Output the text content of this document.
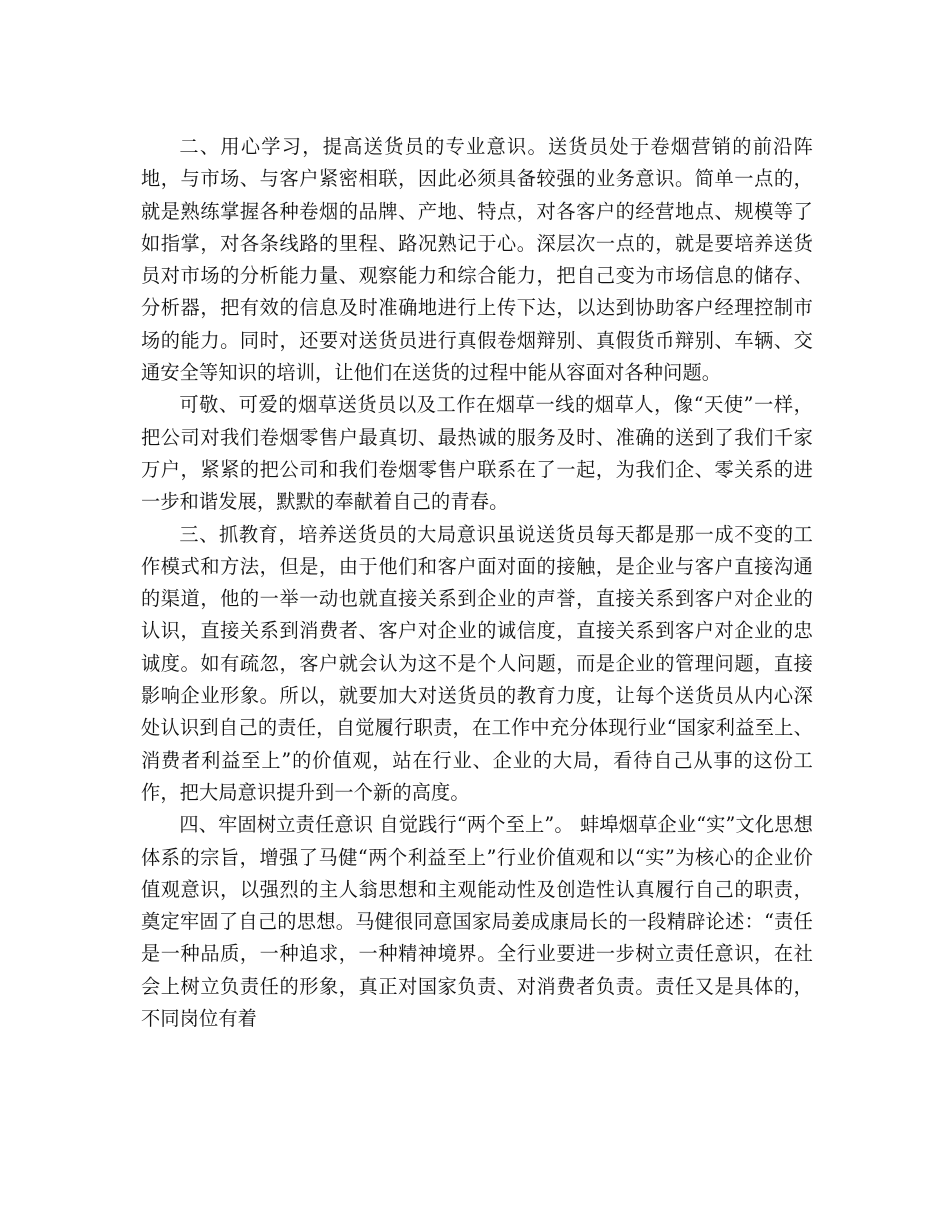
二、用心学习，提高送货员的专业意识。送货员处于卷烟营销的前沿阵地，与市场、与客户紧密相联，因此必须具备较强的业务意识。简单一点的，就是熟练掌握各种卷烟的品牌、产地、特点，对各客户的经营地点、规模等了如指掌，对各条线路的里程、路况熟记于心。深层次一点的，就是要培养送货员对市场的分析能力量、观察能力和综合能力，把自己变为市场信息的储存、分析器，把有效的信息及时准确地进行上传下达，以达到协助客户经理控制市场的能力。同时，还要对送货员进行真假卷烟辩别、真假货币辩别、车辆、交通安全等知识的培训，让他们在送货的过程中能从容面对各种问题。

可敬、可爱的烟草送货员以及工作在烟草一线的烟草人，像“天使”一样，把公司对我们卷烟零售户最真切、最热诚的服务及时、准确的送到了我们千家万户，紧紧的把公司和我们卷烟零售户联系在了一起，为我们企、零关系的进一步和谐发展，默默的奉献着自己的青春。

三、抓教育，培养送货员的大局意识虽说送货员每天都是那一成不变的工作模式和方法，但是，由于他们和客户面对面的接触，是企业与客户直接沟通的渠道，他的一举一动也就直接关系到企业的声誉，直接关系到客户对企业的认识，直接关系到消费者、客户对企业的诚信度，直接关系到客户对企业的忠诚度。如有疏忽，客户就会认为这不是个人问题，而是企业的管理问题，直接影响企业形象。所以，就要加大对送货员的教育力度，让每个送货员从内心深处认识到自己的责任，自觉履行职责，在工作中充分体现行业“国家利益至上、消费者利益至上”的价值观，站在行业、企业的大局，看待自己从事的这份工作，把大局意识提升到一个新的高度。

四、牢固树立责任意识 自觉践行“两个至上”。 蚌埠烟草企业“实”文化思想体系的宗旨，增强了马健“两个利益至上”行业价值观和以“实”为核心的企业价值观意识，以强烈的主人翁思想和主观能动性及创造性认真履行自己的职责，奠定牢固了自己的思想。马健很同意国家局姜成康局长的一段精辟论述：“责任是一种品质，一种追求，一种精神境界。全行业要进一步树立责任意识，在社会上树立负责任的形象，真正对国家负责、对消费者负责。责任又是具体的，不同岗位有着
